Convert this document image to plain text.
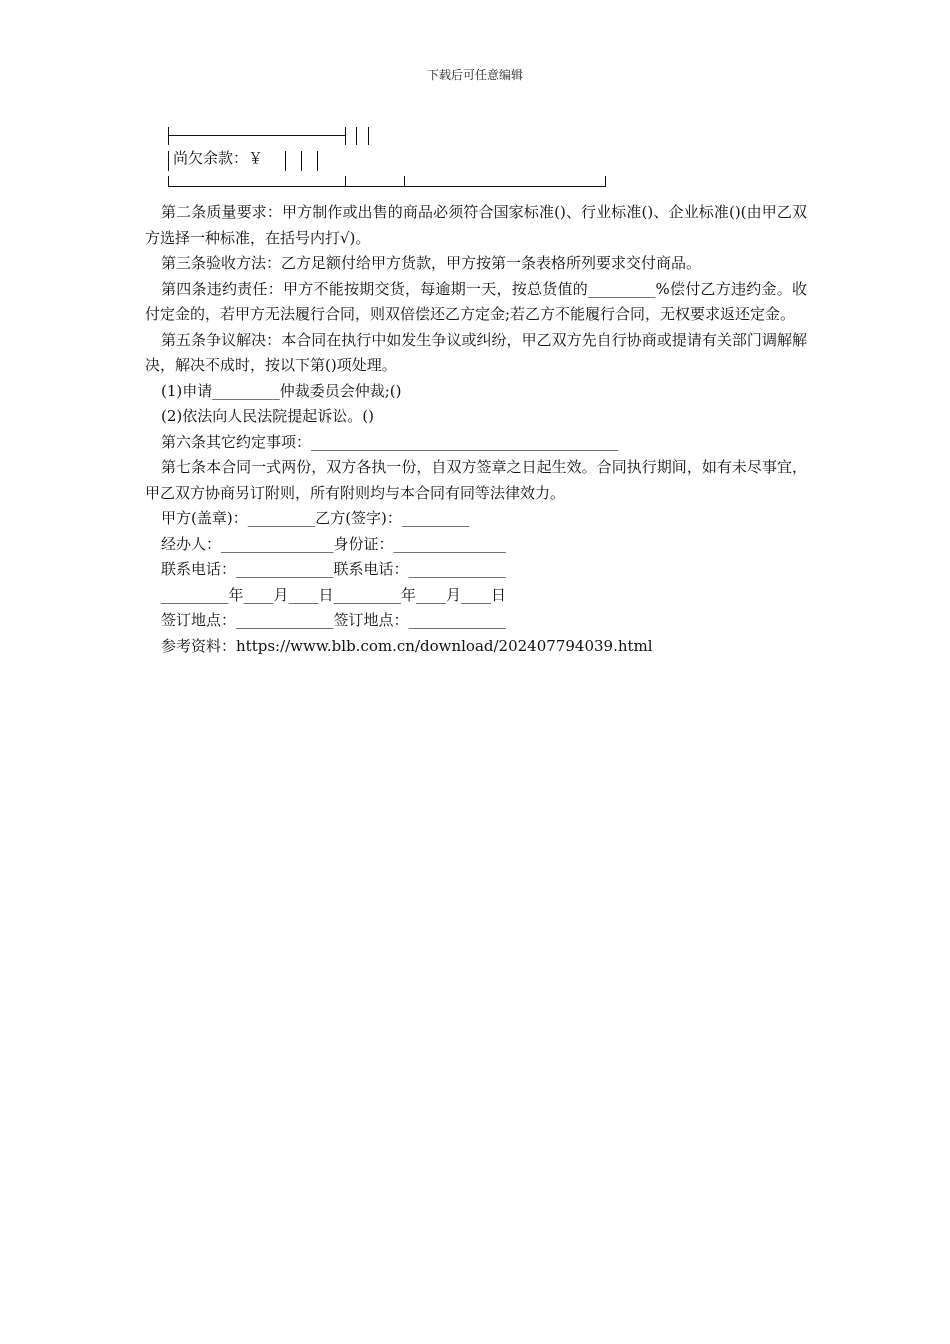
下载后可任意编辑
尚欠余款：￥

第二条质量要求：甲方制作或出售的商品必须符合国家标准()、行业标准()、企业标准()(由甲乙双方选择一种标准，在括号内打√)。

第三条验收方法：乙方足额付给甲方货款，甲方按第一条表格所列要求交付商品。

第四条违约责任：甲方不能按期交货，每逾期一天，按总货值的_________%偿付乙方违约金。收付定金的，若甲方无法履行合同，则双倍偿还乙方定金;若乙方不能履行合同，无权要求返还定金。

第五条争议解决：本合同在执行中如发生争议或纠纷，甲乙双方先自行协商或提请有关部门调解解决，解决不成时，按以下第()项处理。

(1)申请_________仲裁委员会仲裁;()

(2)依法向人民法院提起诉讼。()

第六条其它约定事项：_________________________________________

第七条本合同一式两份，双方各执一份，自双方签章之日起生效。合同执行期间，如有未尽事宜，甲乙双方协商另订附则，所有附则均与本合同有同等法律效力。

甲方(盖章)：_________乙方(签字)：_________

经办人：_______________身份证：_______________

联系电话：_____________联系电话：_____________

_________年____月____日_________年____月____日

签订地点：_____________签订地点：_____________

参考资料：https://www.blb.com.cn/download/202407794039.html
